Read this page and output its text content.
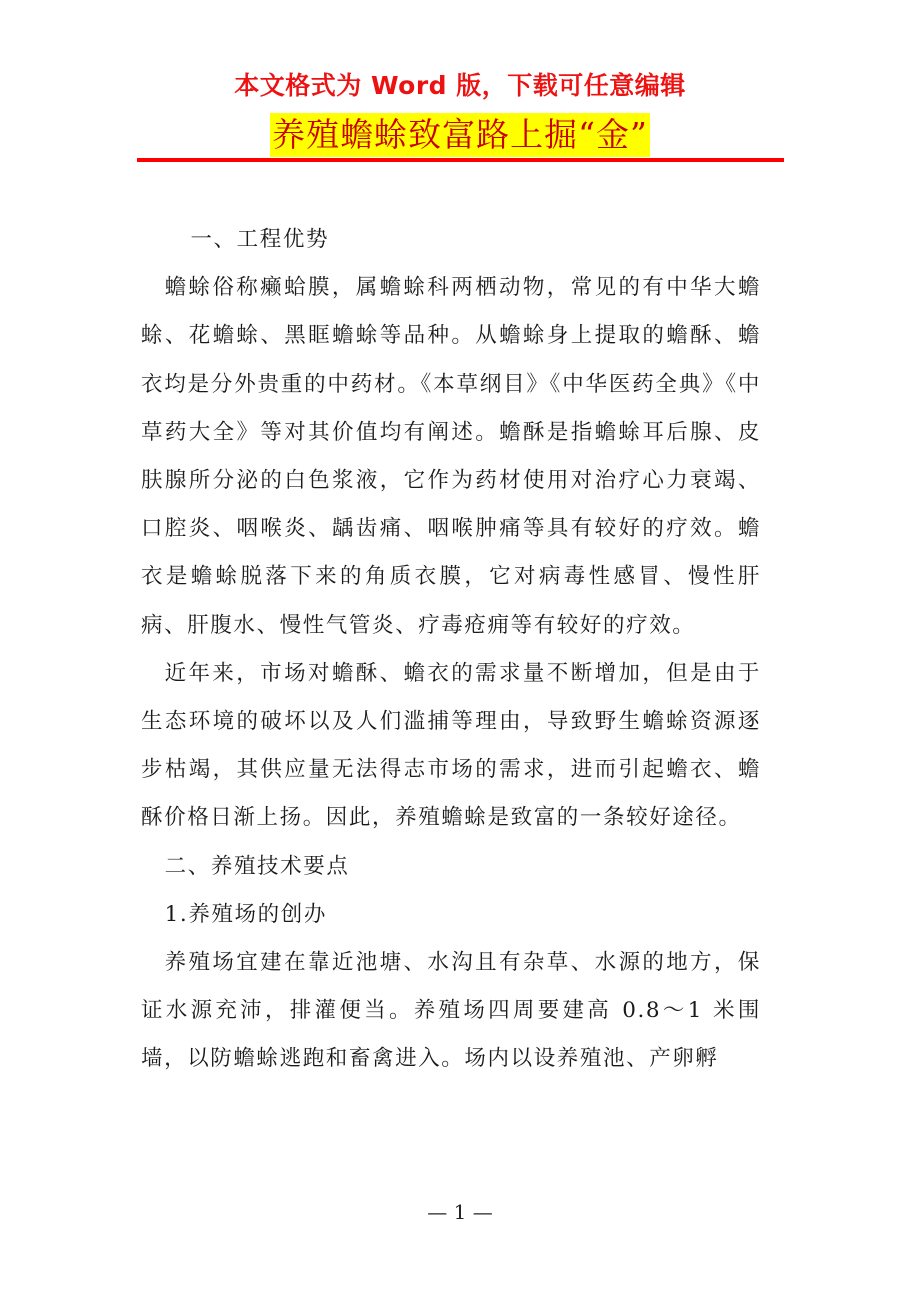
本文格式为 Word 版，下载可任意编辑
养殖蟾蜍致富路上掘“金”

一、工程优势

蟾蜍俗称癞蛤膜，属蟾蜍科两栖动物，常见的有中华大蟾蜍、花蟾蜍、黑眶蟾蜍等品种。从蟾蜍身上提取的蟾酥、蟾衣均是分外贵重的中药材。《本草纲目》《中华医药全典》《中草药大全》等对其价值均有阐述。蟾酥是指蟾蜍耳后腺、皮肤腺所分泌的白色浆液，它作为药材使用对治疗心力衰竭、口腔炎、咽喉炎、龋齿痛、咽喉肿痛等具有较好的疗效。蟾衣是蟾蜍脱落下来的角质衣膜，它对病毒性感冒、慢性肝病、肝腹水、慢性气管炎、疗毒疮痈等有较好的疗效。

近年来，市场对蟾酥、蟾衣的需求量不断增加，但是由于生态环境的破坏以及人们滥捕等理由，导致野生蟾蜍资源逐步枯竭，其供应量无法得志市场的需求，进而引起蟾衣、蟾酥价格日渐上扬。因此，养殖蟾蜍是致富的一条较好途径。

二、养殖技术要点

1.养殖场的创办

养殖场宜建在靠近池塘、水沟且有杂草、水源的地方，保证水源充沛，排灌便当。养殖场四周要建高 0.8～1 米围墙，以防蟾蜍逃跑和畜禽进入。场内以设养殖池、产卵孵

— 1 —
